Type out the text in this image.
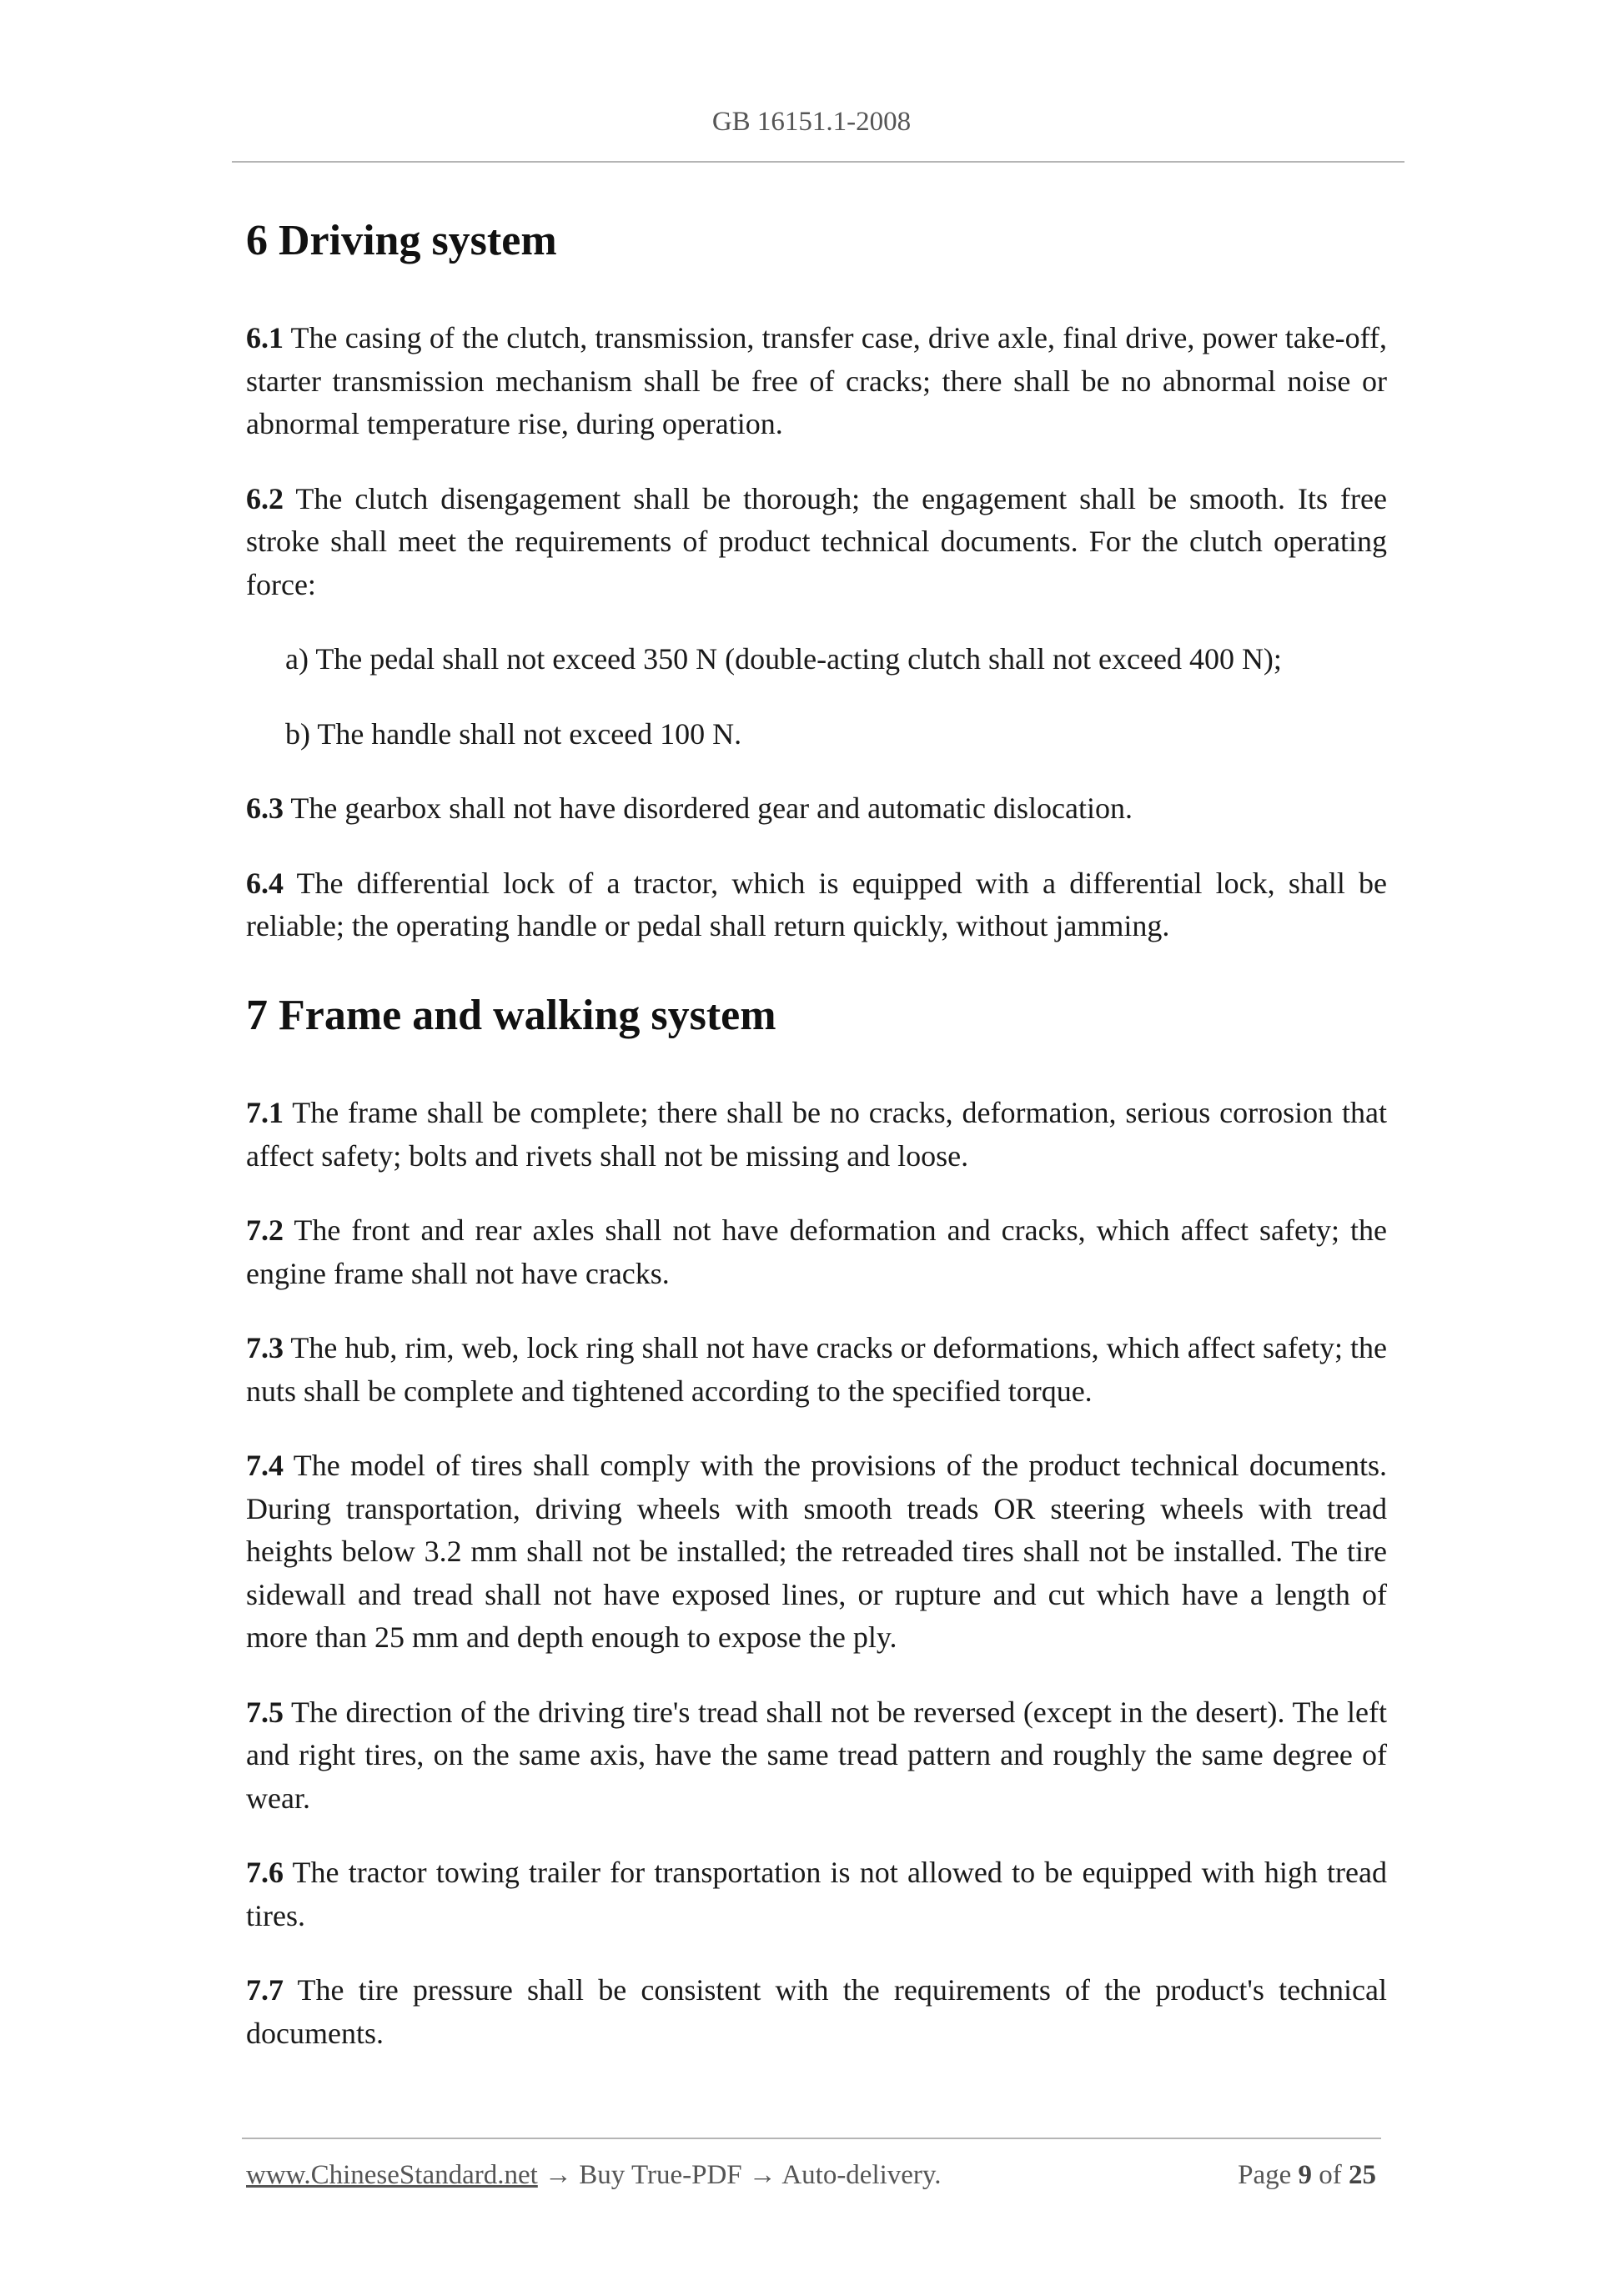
GB 16151.1-2008
6 Driving system

6.1 The casing of the clutch, transmission, transfer case, drive axle, final drive, power take-off, starter transmission mechanism shall be free of cracks; there shall be no abnormal noise or abnormal temperature rise, during operation.

6.2 The clutch disengagement shall be thorough; the engagement shall be smooth. Its free stroke shall meet the requirements of product technical documents. For the clutch operating force:

a) The pedal shall not exceed 350 N (double-acting clutch shall not exceed 400 N);

b) The handle shall not exceed 100 N.

6.3 The gearbox shall not have disordered gear and automatic dislocation.

6.4 The differential lock of a tractor, which is equipped with a differential lock, shall be reliable; the operating handle or pedal shall return quickly, without jamming.

7 Frame and walking system

7.1 The frame shall be complete; there shall be no cracks, deformation, serious corrosion that affect safety; bolts and rivets shall not be missing and loose.

7.2 The front and rear axles shall not have deformation and cracks, which affect safety; the engine frame shall not have cracks.

7.3 The hub, rim, web, lock ring shall not have cracks or deformations, which affect safety; the nuts shall be complete and tightened according to the specified torque.

7.4 The model of tires shall comply with the provisions of the product technical documents. During transportation, driving wheels with smooth treads OR steering wheels with tread heights below 3.2 mm shall not be installed; the retreaded tires shall not be installed. The tire sidewall and tread shall not have exposed lines, or rupture and cut which have a length of more than 25 mm and depth enough to expose the ply.

7.5 The direction of the driving tire's tread shall not be reversed (except in the desert). The left and right tires, on the same axis, have the same tread pattern and roughly the same degree of wear.

7.6 The tractor towing trailer for transportation is not allowed to be equipped with high tread tires.

7.7 The tire pressure shall be consistent with the requirements of the product's technical documents.

www.ChineseStandard.net → Buy True-PDF → Auto-delivery.	Page 9 of 25
